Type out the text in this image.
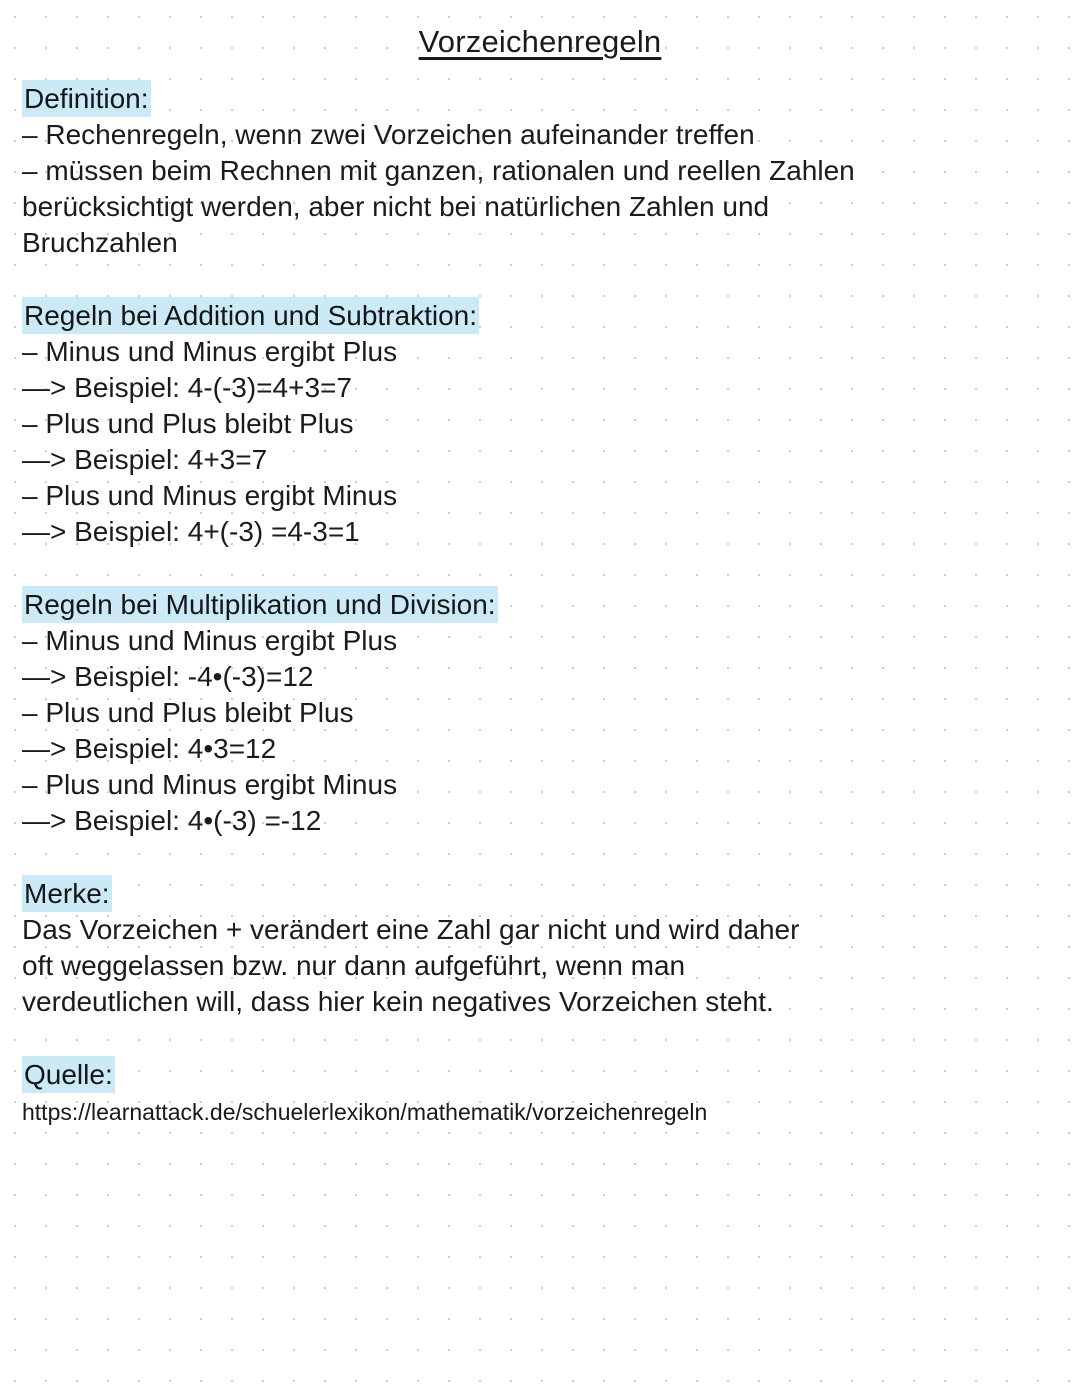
Vorzeichenregeln
Definition:
– Rechenregeln, wenn zwei Vorzeichen aufeinander treffen
– müssen beim Rechnen mit ganzen, rationalen und reellen Zahlen
berücksichtigt werden, aber nicht bei natürlichen Zahlen und
Bruchzahlen
Regeln bei Addition und Subtraktion:
– Minus und Minus ergibt Plus
—> Beispiel: 4-(-3)=4+3=7
– Plus und Plus bleibt Plus
—> Beispiel: 4+3=7
– Plus und Minus ergibt Minus
—> Beispiel: 4+(-3) =4-3=1
Regeln bei Multiplikation und Division:
– Minus und Minus ergibt Plus
—> Beispiel: -4•(-3)=12
– Plus und Plus bleibt Plus
—> Beispiel: 4•3=12
– Plus und Minus ergibt Minus
—> Beispiel: 4•(-3) =-12
Merke:
Das Vorzeichen + verändert eine Zahl gar nicht und wird daher
oft weggelassen bzw. nur dann aufgeführt, wenn man
verdeutlichen will, dass hier kein negatives Vorzeichen steht.
Quelle:
https://learnattack.de/schuelerlexikon/mathematik/vorzeichenregeln
